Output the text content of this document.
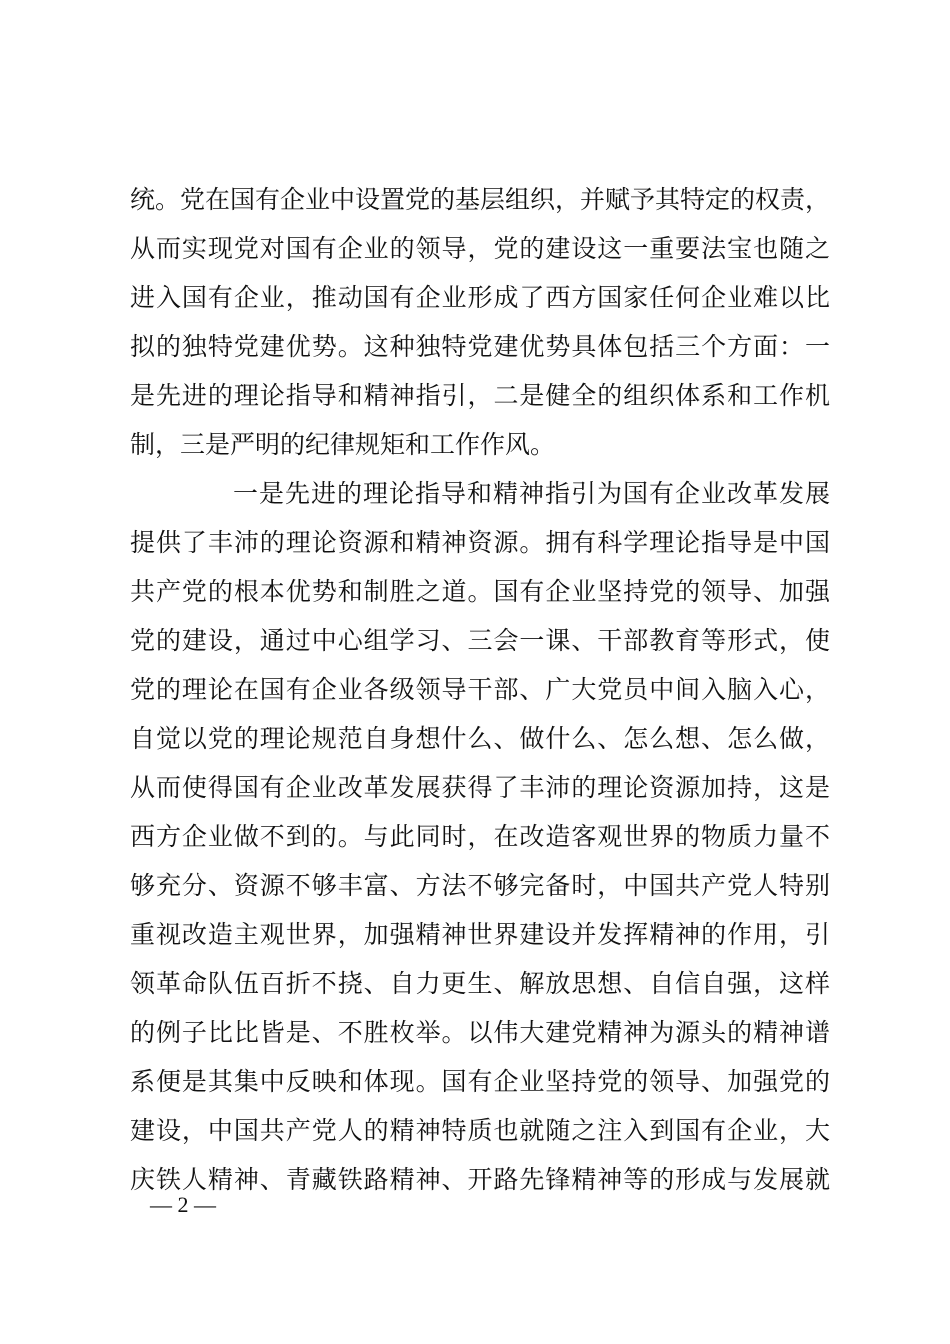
统。党在国有企业中设置党的基层组织，并赋予其特定的权责，
从而实现党对国有企业的领导，党的建设这一重要法宝也随之
进入国有企业，推动国有企业形成了西方国家任何企业难以比
拟的独特党建优势。这种独特党建优势具体包括三个方面：一
是先进的理论指导和精神指引，二是健全的组织体系和工作机
制，三是严明的纪律规矩和工作作风。
一是先进的理论指导和精神指引为国有企业改革发展
提供了丰沛的理论资源和精神资源。拥有科学理论指导是中国
共产党的根本优势和制胜之道。国有企业坚持党的领导、加强
党的建设，通过中心组学习、三会一课、干部教育等形式，使
党的理论在国有企业各级领导干部、广大党员中间入脑入心，
自觉以党的理论规范自身想什么、做什么、怎么想、怎么做，
从而使得国有企业改革发展获得了丰沛的理论资源加持，这是
西方企业做不到的。与此同时，在改造客观世界的物质力量不
够充分、资源不够丰富、方法不够完备时，中国共产党人特别
重视改造主观世界，加强精神世界建设并发挥精神的作用，引
领革命队伍百折不挠、自力更生、解放思想、自信自强，这样
的例子比比皆是、不胜枚举。以伟大建党精神为源头的精神谱
系便是其集中反映和体现。国有企业坚持党的领导、加强党的
建设，中国共产党人的精神特质也就随之注入到国有企业，大
庆铁人精神、青藏铁路精神、开路先锋精神等的形成与发展就
— 2 —
